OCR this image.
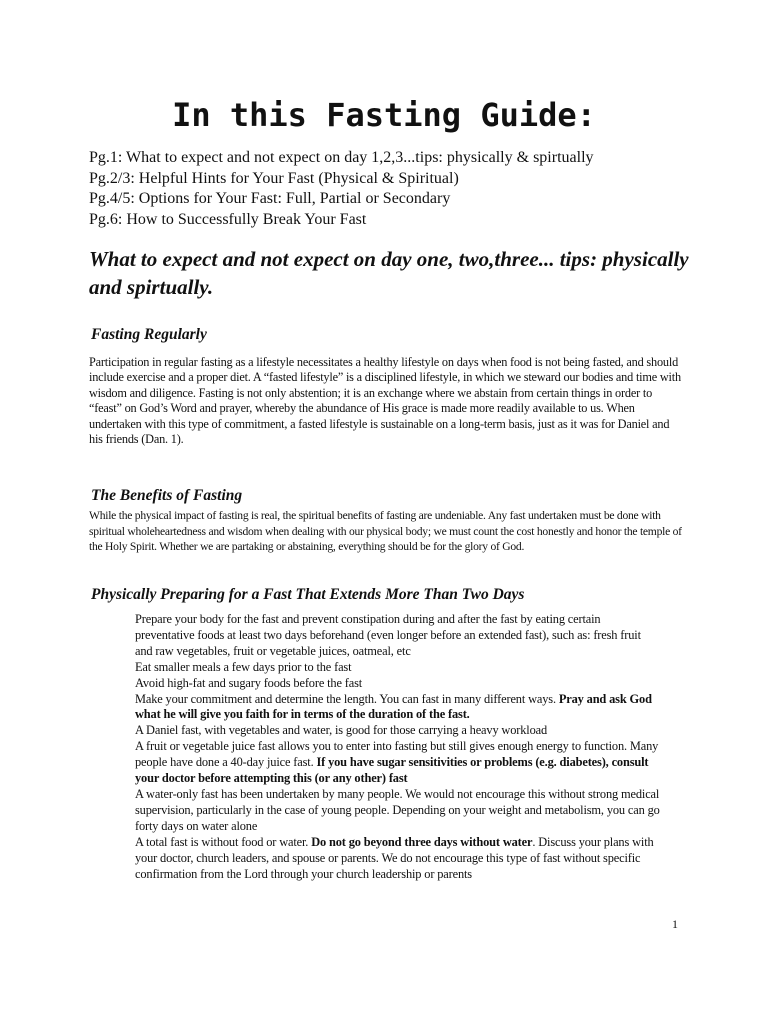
In this Fasting Guide:
Pg.1: What to expect and not expect on day 1,2,3...tips: physically & spirtually
Pg.2/3: Helpful Hints for Your Fast (Physical & Spiritual)
Pg.4/5: Options for Your Fast: Full, Partial or Secondary
Pg.6: How to Successfully Break Your Fast
What to expect and not expect on day one, two,three... tips: physically and spirtually.
Fasting Regularly

Participation in regular fasting as a lifestyle necessitates a healthy lifestyle on days when food is not being fasted, and should include exercise and a proper diet. A “fasted lifestyle” is a disciplined lifestyle, in which we steward our bodies and time with wisdom and diligence. Fasting is not only abstention; it is an exchange where we abstain from certain things in order to “feast” on God’s Word and prayer, whereby the abundance of His grace is made more readily available to us. When undertaken with this type of commitment, a fasted lifestyle is sustainable on a long-term basis, just as it was for Daniel and his friends (Dan. 1).

The Benefits of Fasting

While the physical impact of fasting is real, the spiritual benefits of fasting are undeniable. Any fast undertaken must be done with spiritual wholeheartedness and wisdom when dealing with our physical body; we must count the cost honestly and honor the temple of the Holy Spirit. Whether we are partaking or abstaining, everything should be for the glory of God.

Physically Preparing for a Fast That Extends More Than Two Days
Prepare your body for the fast and prevent constipation during and after the fast by eating certain preventative foods at least two days beforehand (even longer before an extended fast), such as: fresh fruit and raw vegetables, fruit or vegetable juices, oatmeal, etc
Eat smaller meals a few days prior to the fast
Avoid high-fat and sugary foods before the fast
Make your commitment and determine the length. You can fast in many different ways. Pray and ask God what he will give you faith for in terms of the duration of the fast.
A Daniel fast, with vegetables and water, is good for those carrying a heavy workload
A fruit or vegetable juice fast allows you to enter into fasting but still gives enough energy to function. Many people have done a 40-day juice fast. If you have sugar sensitivities or problems (e.g. diabetes), consult your doctor before attempting this (or any other) fast
A water-only fast has been undertaken by many people. We would not encourage this without strong medical supervision, particularly in the case of young people. Depending on your weight and metabolism, you can go forty days on water alone
A total fast is without food or water. Do not go beyond three days without water. Discuss your plans with your doctor, church leaders, and spouse or parents. We do not encourage this type of fast without specific confirmation from the Lord through your church leadership or parents
1
